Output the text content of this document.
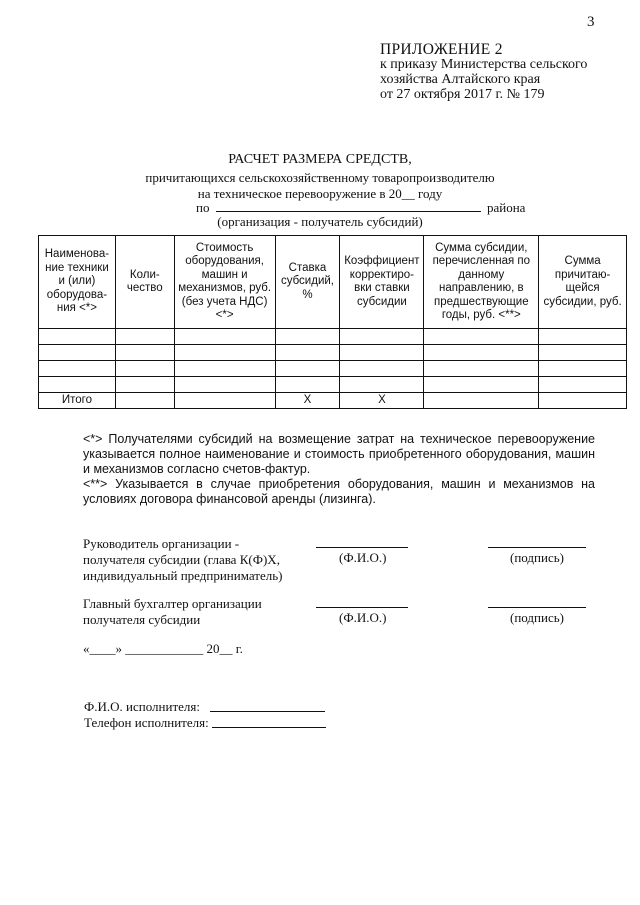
3
ПРИЛОЖЕНИЕ 2
к приказу Министерства сельского
хозяйства Алтайского края
от 27 октября 2017 г. № 179
РАСЧЕТ РАЗМЕРА СРЕДСТВ,
причитающихся сельскохозяйственному товаропроизводителю
на техническое перевооружение в 20__ году
по	района
(организация - получатель субсидий)
Наименова-ние техники и (или) оборудова-ния <*>	Коли-чество	Стоимость оборудования, машин и механизмов, руб. (без учета НДС) <*>	Ставка субсидий, %	Коэффициент корректиро-вки ставки субсидии	Сумма субсидии, перечисленная по данному направлению, в предшествующие годы, руб. <**>	Сумма причитаю-щейся субсидии, руб.

Итого			Х	Х		

<*> Получателями субсидий на возмещение затрат на техническое перевооружение указывается полное наименование и стоимость приобретенного оборудования, машин и механизмов согласно счетов-фактур.

<**> Указывается в случае приобретения оборудования, машин и механизмов на условиях договора финансовой аренды (лизинга).

Руководитель организации -
получателя субсидии (глава К(Ф)Х,
индивидуальный предприниматель)
(Ф.И.О.)	(подпись)
Главный бухгалтер организации
получателя субсидии	(Ф.И.О.)	(подпись)
«____» ____________ 20__ г.
Ф.И.О. исполнителя:
Телефон исполнителя:
